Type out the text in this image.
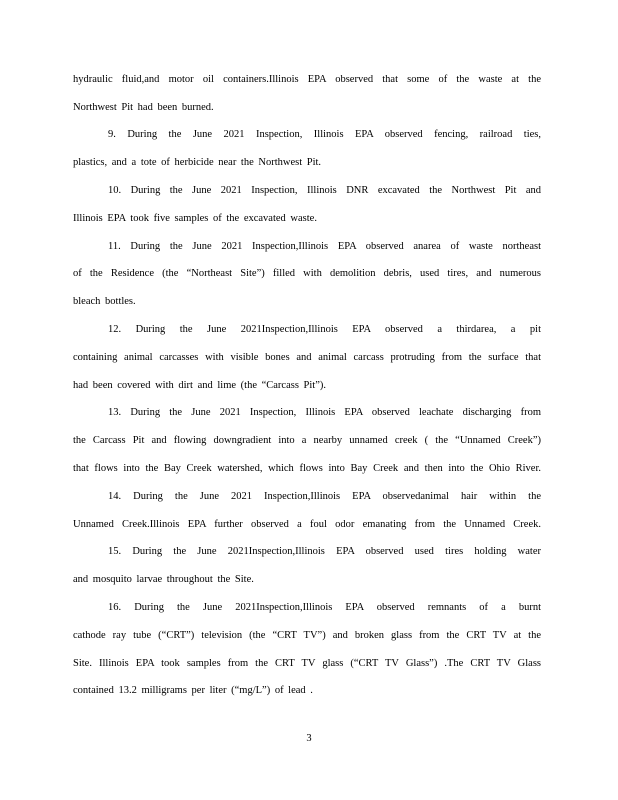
hydraulic fluid,and motor oil containers.Illinois EPA observed that some of the waste at the
Northwest Pit had been burned.
9. During the June 2021 Inspection, Illinois EPA observed fencing, railroad ties,
plastics, and a tote of herbicide near the Northwest Pit.
10. During the June 2021 Inspection, Illinois DNR excavated the Northwest Pit and
Illinois EPA took five samples of the excavated waste.
11. During the June 2021 Inspection,Illinois EPA observed anarea of waste northeast
of the Residence (the “Northeast Site”) filled with demolition debris, used tires, and numerous
bleach bottles.
12. During the June 2021Inspection,Illinois EPA observed a thirdarea, a pit
containing animal carcasses with visible bones and animal carcass protruding from the surface that
had been covered with dirt and lime (the “Carcass Pit”).
13. During the June 2021 Inspection, Illinois EPA observed leachate discharging from
the Carcass Pit and flowing downgradient into a nearby unnamed creek ( the “Unnamed Creek”)
that flows into the Bay Creek watershed, which flows into Bay Creek and then into the Ohio River.
14. During the June 2021 Inspection,Illinois EPA observedanimal hair within the
Unnamed Creek.Illinois EPA further observed a foul odor emanating from the Unnamed Creek.
15. During the June 2021Inspection,Illinois EPA observed used tires holding water
and mosquito larvae throughout the Site.
16. During the June 2021Inspection,Illinois EPA observed remnants of a burnt
cathode ray tube (“CRT”) television (the “CRT TV”) and broken glass from the CRT TV at the
Site. Illinois EPA took samples from the CRT TV glass (“CRT TV Glass”) .The CRT TV Glass
contained 13.2 milligrams per liter (“mg/L”) of lead .
3
